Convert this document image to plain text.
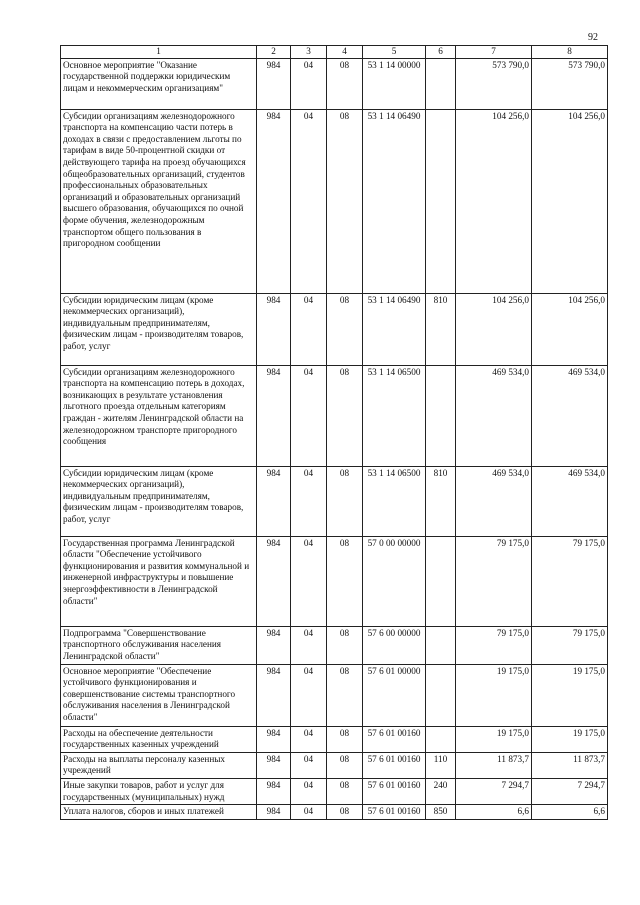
92
1	2	3	4	5	6	7	8
Основное мероприятие "Оказание государственной поддержки юридическим лицам и некоммерческим организациям"	984	04	08	53 1 14 00000		573 790,0	573 790,0
Субсидии организациям железнодорожного транспорта на компенсацию части потерь в доходах в связи с предоставлением льготы по тарифам в виде 50-процентной скидки от действующего тарифа на проезд обучающихся общеобразовательных организаций, студентов профессиональных образовательных организаций и образовательных организаций высшего образования, обучающихся по очной форме обучения, железнодорожным транспортом общего пользования в пригородном сообщении	984	04	08	53 1 14 06490		104 256,0	104 256,0
Субсидии юридическим лицам (кроме некоммерческих организаций), индивидуальным предпринимателям, физическим лицам - производителям товаров, работ, услуг	984	04	08	53 1 14 06490	810	104 256,0	104 256,0
Субсидии организациям железнодорожного транспорта на компенсацию потерь в доходах, возникающих в результате установления льготного проезда отдельным категориям граждан - жителям Ленинградской области на железнодорожном транспорте пригородного сообщения	984	04	08	53 1 14 06500		469 534,0	469 534,0
Субсидии юридическим лицам (кроме некоммерческих организаций), индивидуальным предпринимателям, физическим лицам - производителям товаров, работ, услуг	984	04	08	53 1 14 06500	810	469 534,0	469 534,0
Государственная программа Ленинградской области "Обеспечение устойчивого функционирования и развития коммунальной и инженерной инфраструктуры и повышение энергоэффективности в Ленинградской области"	984	04	08	57 0 00 00000		79 175,0	79 175,0
Подпрограмма "Совершенствование транспортного обслуживания населения Ленинградской области"	984	04	08	57 6 00 00000		79 175,0	79 175,0
Основное мероприятие "Обеспечение устойчивого функционирования и совершенствование системы транспортного обслуживания населения в Ленинградской области"	984	04	08	57 6 01 00000		19 175,0	19 175,0
Расходы на обеспечение деятельности государственных казенных учреждений	984	04	08	57 6 01 00160		19 175,0	19 175,0
Расходы на выплаты персоналу казенных учреждений	984	04	08	57 6 01 00160	110	11 873,7	11 873,7
Иные закупки товаров, работ и услуг для государственных (муниципальных) нужд	984	04	08	57 6 01 00160	240	7 294,7	7 294,7
Уплата налогов, сборов и иных платежей	984	04	08	57 6 01 00160	850	6,6	6,6
